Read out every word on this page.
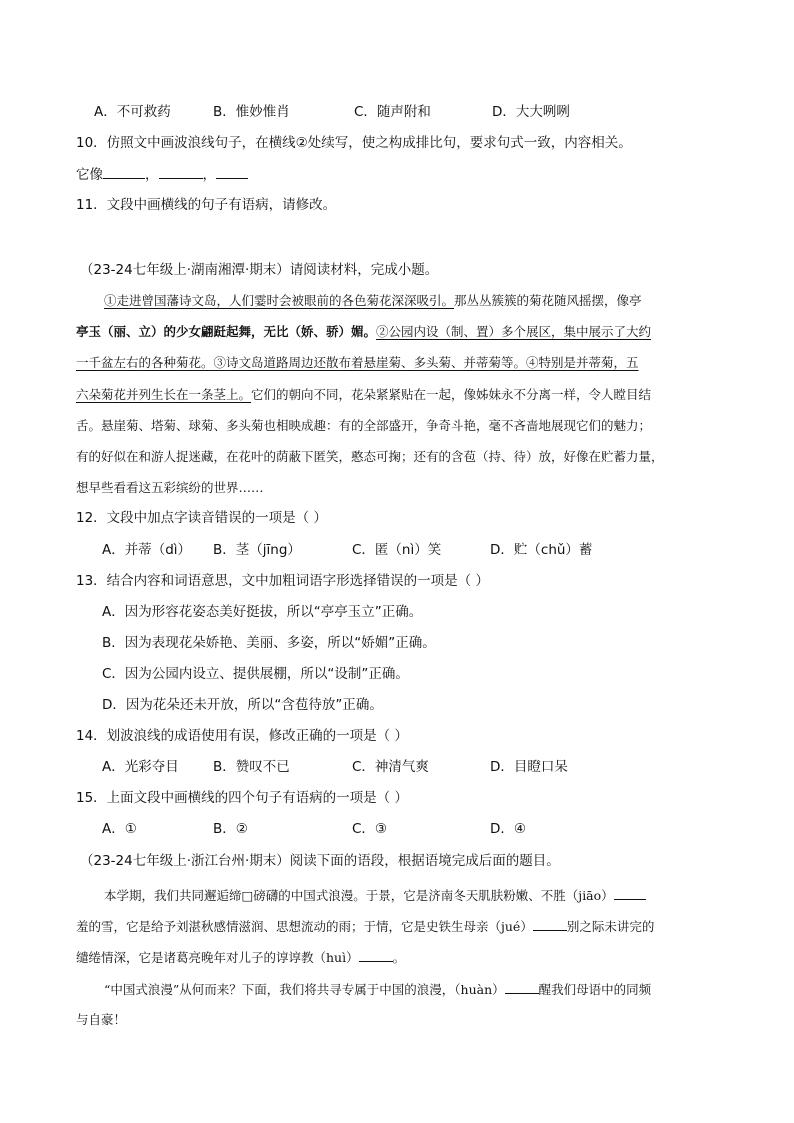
A．不可救药	B．惟妙惟肖	C．随声附和	D．大大咧咧
10．仿照文中画波浪线句子，在横线②处续写，使之构成排比句，要求句式一致，内容相关。
它像	，	，
11．文段中画横线的句子有语病，请修改。
（23-24七年级上·湖南湘潭·期末）请阅读材料，完成小题。
①走进曾国藩诗文岛，人们霎时会被眼前的各色菊花深深吸引。那丛丛簇簇的菊花随风摇摆，像亭
亭玉（丽、立）的少女翩跹起舞，无比（娇、骄）媚。②公园内设（制、置）多个展区，集中展示了大约
一千盆左右的各种菊花。③诗文岛道路周边还散布着悬崖菊、多头菊、并蒂菊等。④特别是并蒂菊，五
六朵菊花并列生长在一条茎上。它们的朝向不同，花朵紧紧贴在一起，像姊妹永不分离一样，令人瞠目结
舌。悬崖菊、塔菊、球菊、多头菊也相映成趣：有的全部盛开，争奇斗艳，毫不吝啬地展现它们的魅力；
有的好似在和游人捉迷藏，在花叶的荫蔽下匿笑，憨态可掬；还有的含苞（持、待）放，好像在贮蓄力量，
想早些看看这五彩缤纷的世界……
12．文段中加点字读音错误的一项是（ ）
A．并蒂（dì） B．茎（jīng）	C．匿（nì）笑	D．贮（chǔ）蓄
13．结合内容和词语意思，文中加粗词语字形选择错误的一项是（ ）
A．因为形容花姿态美好挺拔，所以“亭亭玉立”正确。
B．因为表现花朵娇艳、美丽、多姿，所以“娇媚”正确。
C．因为公园内设立、提供展棚，所以“设制”正确。
D．因为花朵还未开放，所以“含苞待放”正确。
14．划波浪线的成语使用有误，修改正确的一项是（ ）
A．光彩夺目	B．赞叹不已	C．神清气爽	D．目瞪口呆
15．上面文段中画横线的四个句子有语病的一项是（ ）
A．①	B．②	C．③	D．④
（23-24七年级上·浙江台州·期末）阅读下面的语段，根据语境完成后面的题目。
本学期，我们共同邂逅缔□磅礴的中国式浪漫。于景，它是济南冬天肌肤粉嫩、不胜（jiāo）
羞的雪，它是给予刘湛秋感情滋润、思想流动的雨；于情，它是史铁生母亲（jué）	别之际未讲完的
缱绻情深，它是诸葛亮晚年对儿子的谆谆教（huì）	。
“中国式浪漫”从何而来？下面，我们将共寻专属于中国的浪漫，（huàn）	醒我们母语中的同频
与自豪！
